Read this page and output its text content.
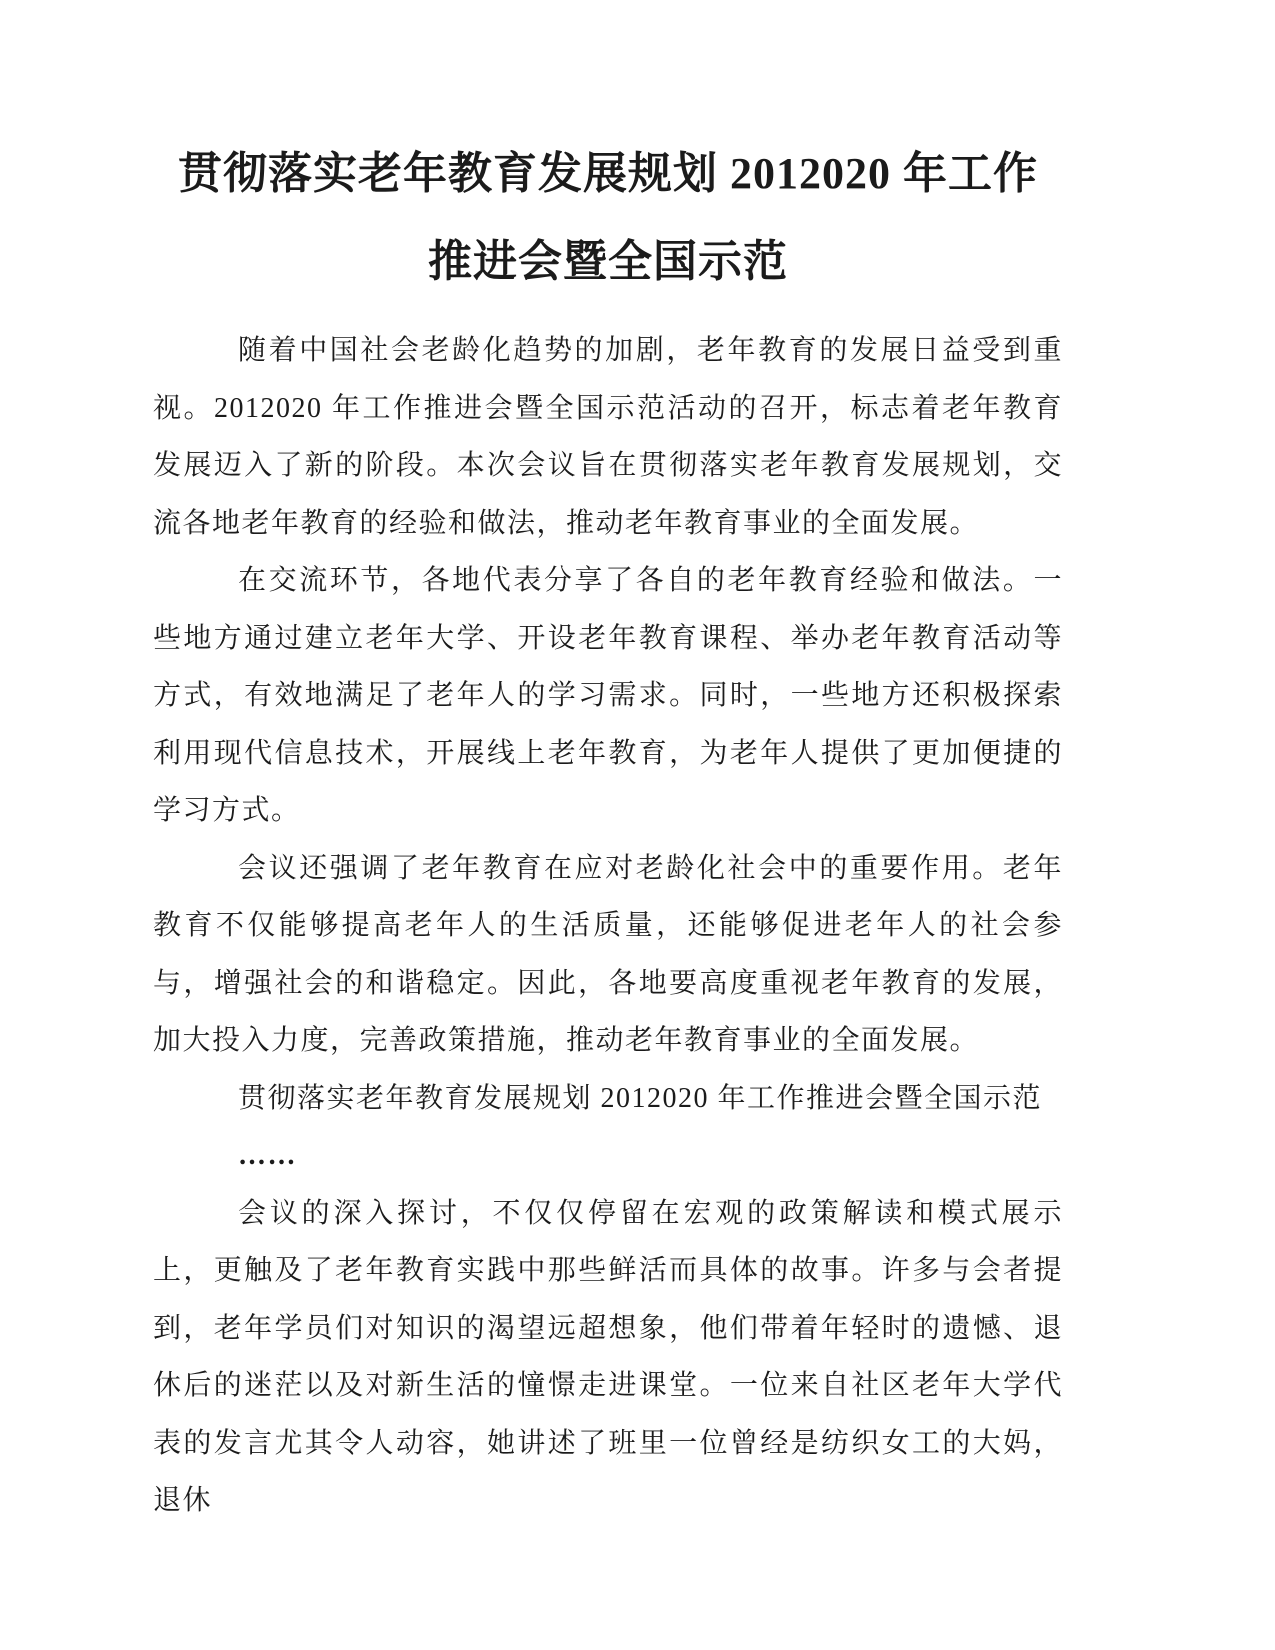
贯彻落实老年教育发展规划 2012020 年工作
推进会暨全国示范

随着中国社会老龄化趋势的加剧，老年教育的发展日益受到重视。2012020 年工作推进会暨全国示范活动的召开，标志着老年教育发展迈入了新的阶段。本次会议旨在贯彻落实老年教育发展规划，交流各地老年教育的经验和做法，推动老年教育事业的全面发展。

在交流环节，各地代表分享了各自的老年教育经验和做法。一些地方通过建立老年大学、开设老年教育课程、举办老年教育活动等方式，有效地满足了老年人的学习需求。同时，一些地方还积极探索利用现代信息技术，开展线上老年教育，为老年人提供了更加便捷的学习方式。

会议还强调了老年教育在应对老龄化社会中的重要作用。老年教育不仅能够提高老年人的生活质量，还能够促进老年人的社会参与，增强社会的和谐稳定。因此，各地要高度重视老年教育的发展，加大投入力度，完善政策措施，推动老年教育事业的全面发展。

贯彻落实老年教育发展规划 2012020 年工作推进会暨全国示范

……

会议的深入探讨，不仅仅停留在宏观的政策解读和模式展示上，更触及了老年教育实践中那些鲜活而具体的故事。许多与会者提到，老年学员们对知识的渴望远超想象，他们带着年轻时的遗憾、退休后的迷茫以及对新生活的憧憬走进课堂。一位来自社区老年大学代表的发言尤其令人动容，她讲述了班里一位曾经是纺织女工的大妈，退休
